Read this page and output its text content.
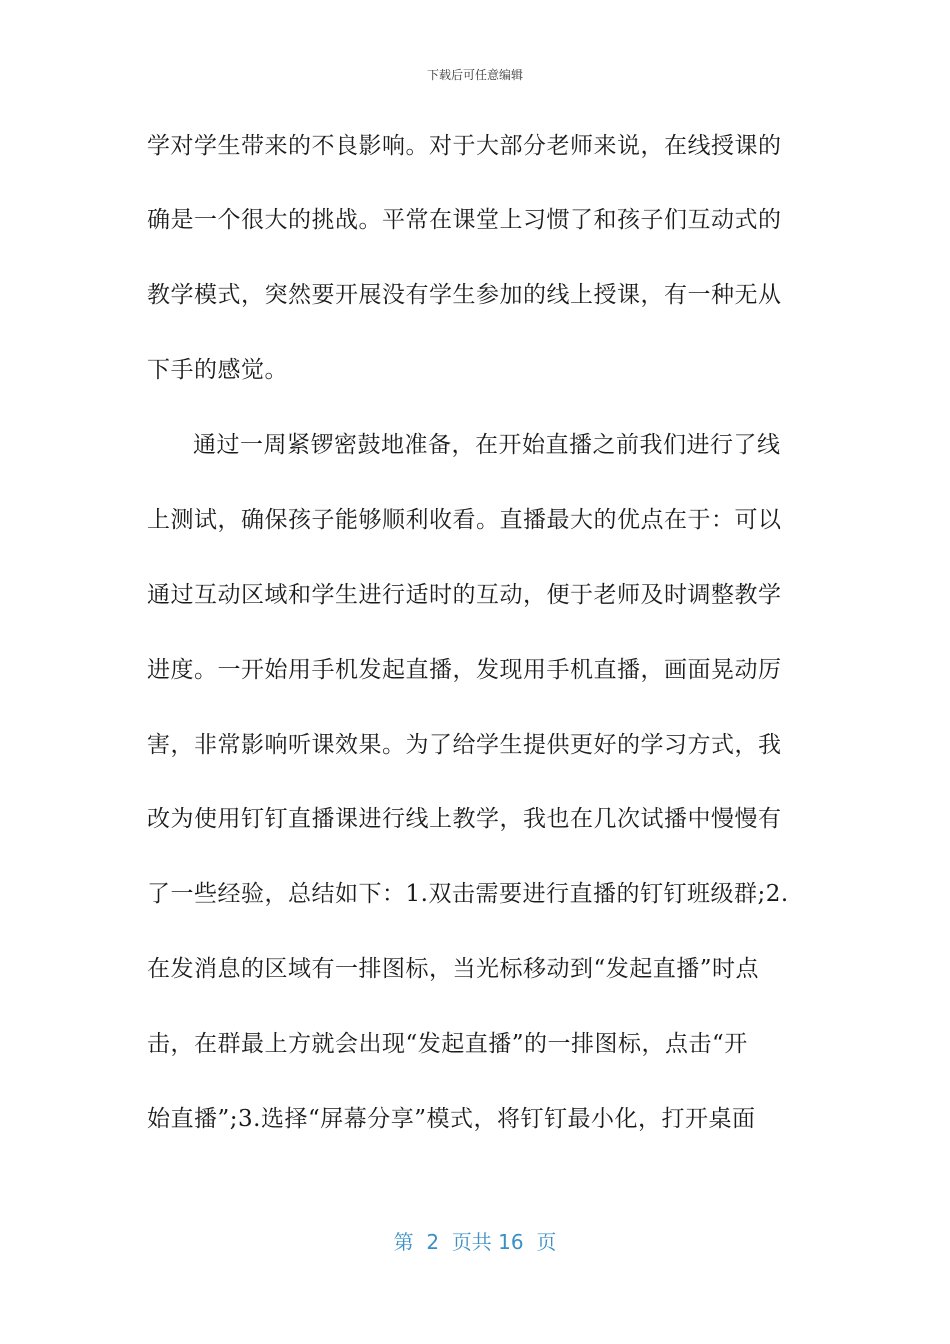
下载后可任意编辑
学对学生带来的不良影响。对于大部分老师来说，在线授课的
确是一个很大的挑战。平常在课堂上习惯了和孩子们互动式的
教学模式，突然要开展没有学生参加的线上授课，有一种无从
下手的感觉。
通过一周紧锣密鼓地准备，在开始直播之前我们进行了线
上测试，确保孩子能够顺利收看。直播最大的优点在于：可以
通过互动区域和学生进行适时的互动，便于老师及时调整教学
进度。一开始用手机发起直播，发现用手机直播，画面晃动厉
害，非常影响听课效果。为了给学生提供更好的学习方式，我
改为使用钉钉直播课进行线上教学，我也在几次试播中慢慢有
了一些经验，总结如下：1.双击需要进行直播的钉钉班级群;2.
在发消息的区域有一排图标，当光标移动到“发起直播”时点
击，在群最上方就会出现“发起直播”的一排图标，点击“开
始直播”;3.选择“屏幕分享”模式，将钉钉最小化，打开桌面
第 2 页共 16 页
